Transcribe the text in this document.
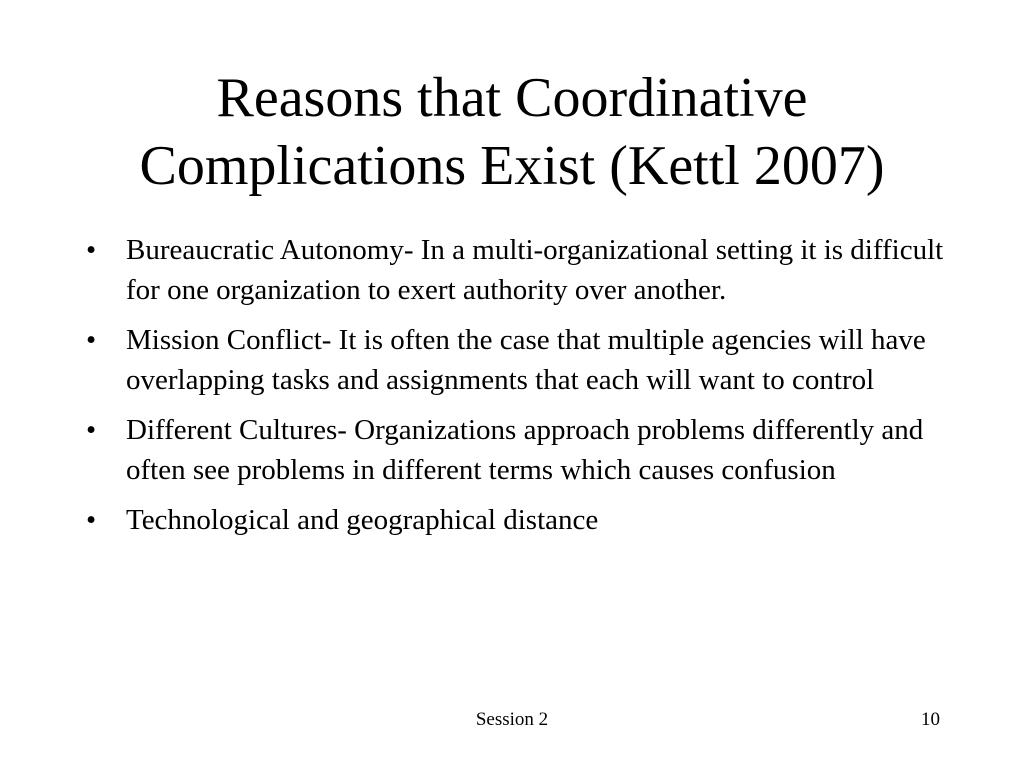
Reasons that Coordinative
Complications Exist (Kettl 2007)
• Bureaucratic Autonomy- In a multi-organizational setting it is difficult for one organization to exert authority over another.
• Mission Conflict- It is often the case that multiple agencies will have overlapping tasks and assignments that each will want to control
• Different Cultures- Organizations approach problems differently and often see problems in different terms which causes confusion
• Technological and geographical distance
Session 2	10
